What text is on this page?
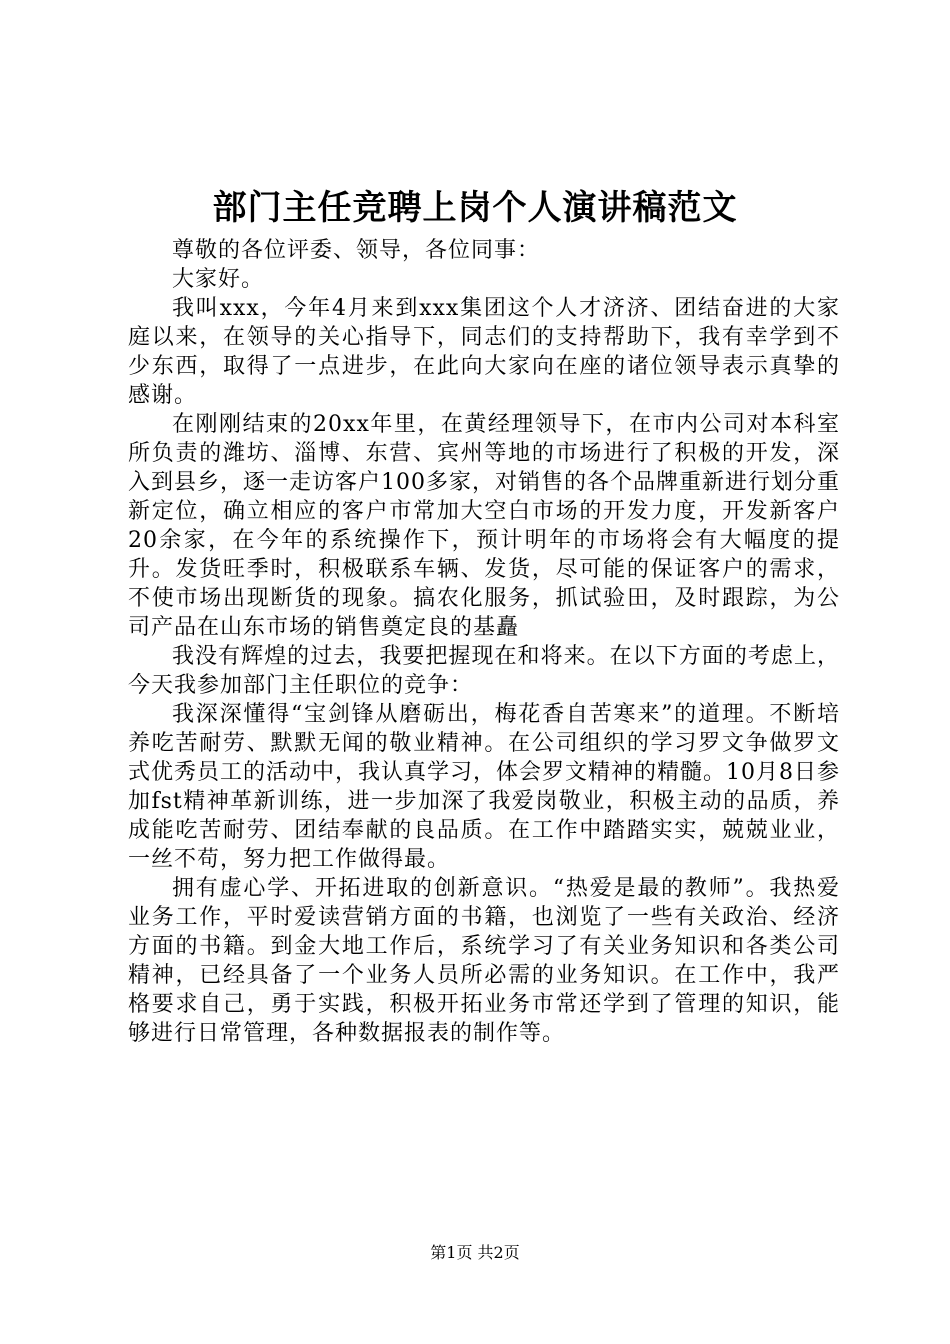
部门主任竞聘上岗个人演讲稿范文

尊敬的各位评委、领导，各位同事：

大家好。

我叫xxx，今年4月来到xxx集团这个人才济济、团结奋进的大家庭以来，在领导的关心指导下，同志们的支持帮助下，我有幸学到不少东西，取得了一点进步，在此向大家向在座的诸位领导表示真挚的感谢。

在刚刚结束的20xx年里，在黄经理领导下，在市内公司对本科室所负责的潍坊、淄博、东营、宾州等地的市场进行了积极的开发，深入到县乡，逐一走访客户100多家，对销售的各个品牌重新进行划分重新定位，确立相应的客户市常加大空白市场的开发力度，开发新客户20余家，在今年的系统操作下，预计明年的市场将会有大幅度的提升。发货旺季时，积极联系车辆、发货，尽可能的保证客户的需求，不使市场出现断货的现象。搞农化服务，抓试验田，及时跟踪，为公司产品在山东市场的销售奠定良的基矗

我没有辉煌的过去，我要把握现在和将来。在以下方面的考虑上，今天我参加部门主任职位的竞争：

我深深懂得“宝剑锋从磨砺出，梅花香自苦寒来”的道理。不断培养吃苦耐劳、默默无闻的敬业精神。在公司组织的学习罗文争做罗文式优秀员工的活动中，我认真学习，体会罗文精神的精髓。10月8日参加fst精神革新训练，进一步加深了我爱岗敬业，积极主动的品质，养成能吃苦耐劳、团结奉献的良品质。在工作中踏踏实实，兢兢业业，一丝不苟，努力把工作做得最。

拥有虚心学、开拓进取的创新意识。“热爱是最的教师”。我热爱业务工作，平时爱读营销方面的书籍，也浏览了一些有关政治、经济方面的书籍。到金大地工作后，系统学习了有关业务知识和各类公司精神，已经具备了一个业务人员所必需的业务知识。在工作中，我严格要求自己，勇于实践，积极开拓业务市常还学到了管理的知识，能够进行日常管理，各种数据报表的制作等。

第1页 共2页
